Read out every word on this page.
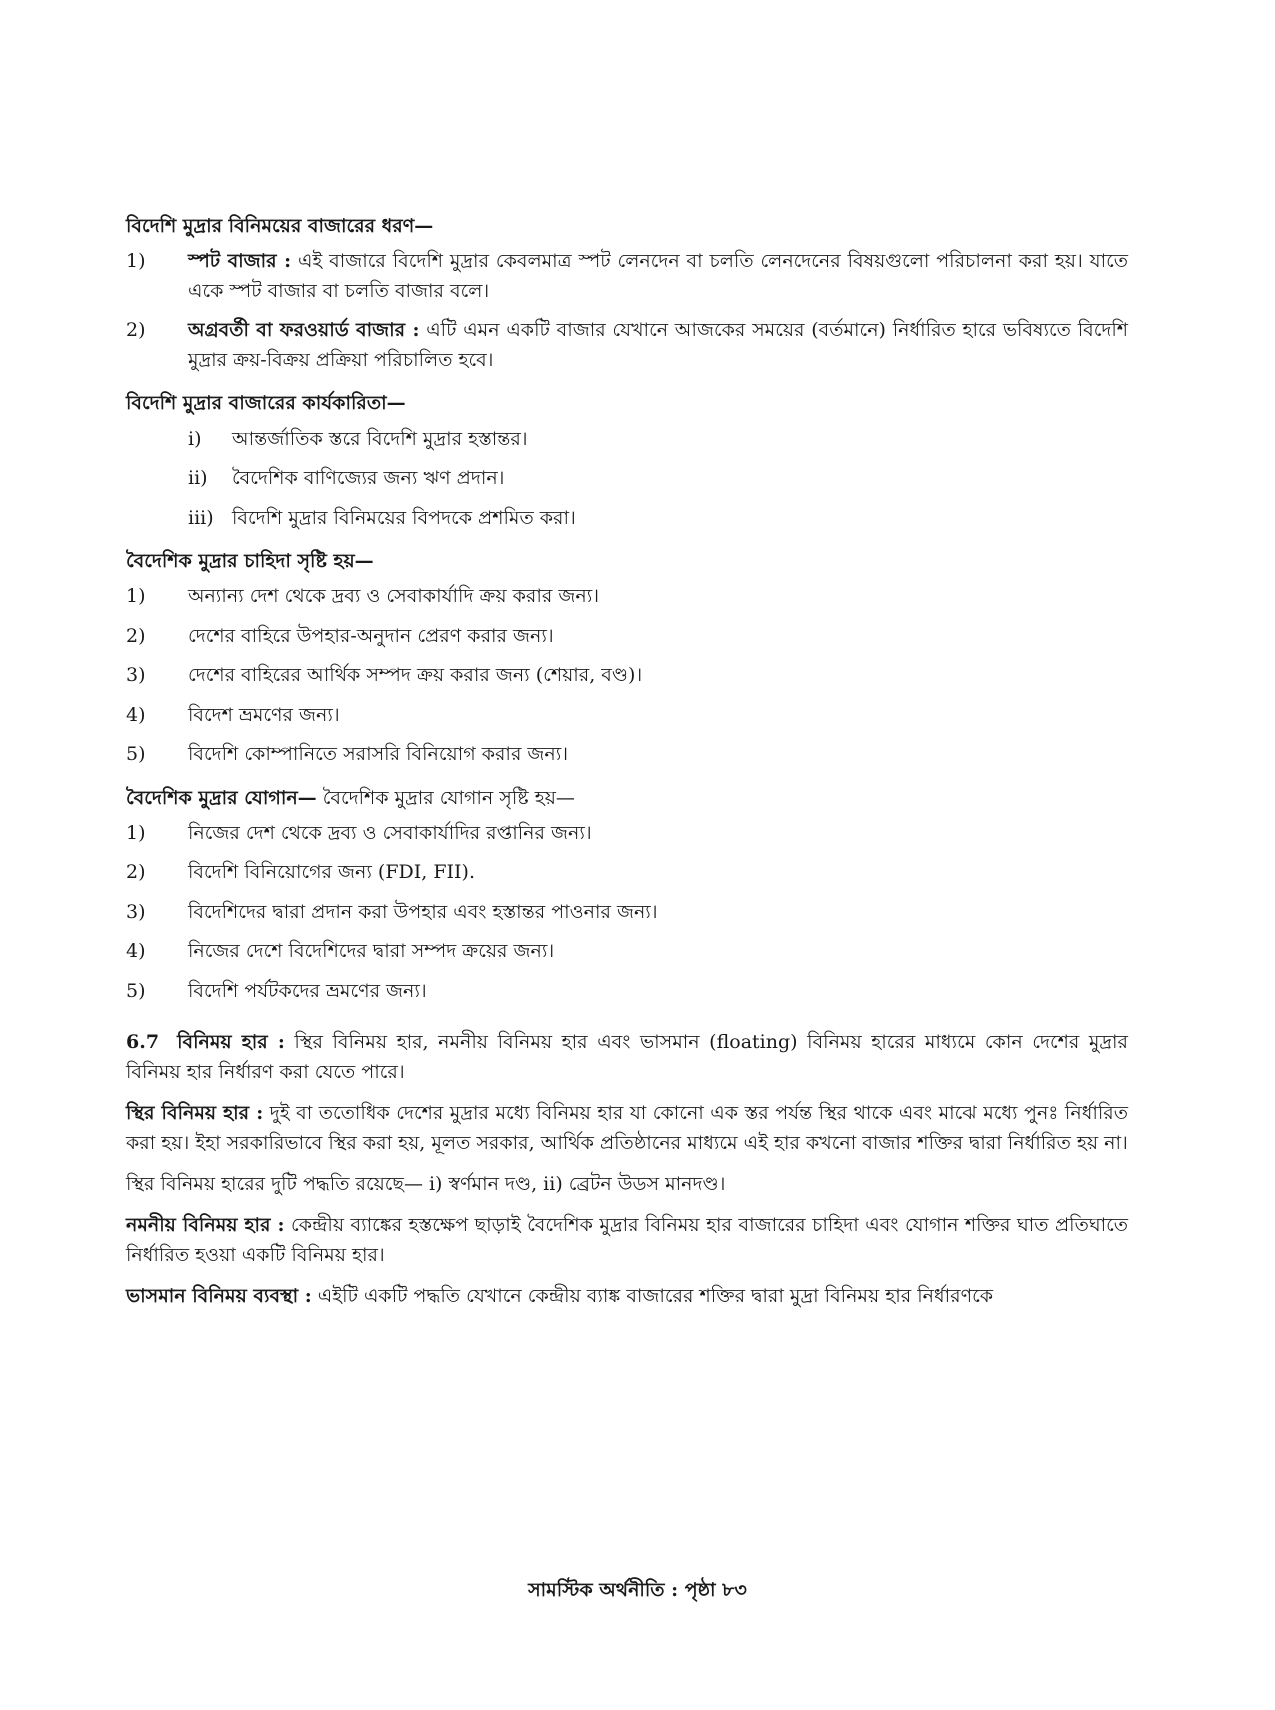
বিদেশি মুদ্রার বিনিময়ের বাজারের ধরণ—
1)	স্পট বাজার : এই বাজারে বিদেশি মুদ্রার কেবলমাত্র স্পট লেনদেন বা চলতি লেনদেনের বিষয়গুলো পরিচালনা করা হয়। যাতে একে স্পট বাজার বা চলতি বাজার বলে।
2)	অগ্রবর্তী বা ফরওয়ার্ড বাজার : এটি এমন একটি বাজার যেখানে আজকের সময়ের (বর্তমানে) নির্ধারিত হারে ভবিষ্যতে বিদেশি মুদ্রার ক্রয়-বিক্রয় প্রক্রিয়া পরিচালিত হবে।
বিদেশি মুদ্রার বাজারের কার্যকারিতা—
i)	আন্তর্জাতিক স্তরে বিদেশি মুদ্রার হস্তান্তর।
ii)	বৈদেশিক বাণিজ্যের জন্য ঋণ প্রদান।
iii) বিদেশি মুদ্রার বিনিময়ের বিপদকে প্রশমিত করা।
বৈদেশিক মুদ্রার চাহিদা সৃষ্টি হয়—
1)	অন্যান্য দেশ থেকে দ্রব্য ও সেবাকার্যাদি ক্রয় করার জন্য।
2)	দেশের বাহিরে উপহার-অনুদান প্রেরণ করার জন্য।
3)	দেশের বাহিরের আর্থিক সম্পদ ক্রয় করার জন্য (শেয়ার, বণ্ড)।
4)	বিদেশ ভ্রমণের জন্য।
5)	বিদেশি কোম্পানিতে সরাসরি বিনিয়োগ করার জন্য।
বৈদেশিক মুদ্রার যোগান— বৈদেশিক মুদ্রার যোগান সৃষ্টি হয়—
1)	নিজের দেশ থেকে দ্রব্য ও সেবাকার্যাদির রপ্তানির জন্য।
2)	বিদেশি বিনিয়োগের জন্য (FDI, FII).
3)	বিদেশিদের দ্বারা প্রদান করা উপহার এবং হস্তান্তর পাওনার জন্য।
4)	নিজের দেশে বিদেশিদের দ্বারা সম্পদ ক্রয়ের জন্য।
5)	বিদেশি পর্যটকদের ভ্রমণের জন্য।
6.7 বিনিময় হার : স্থির বিনিময় হার, নমনীয় বিনিময় হার এবং ভাসমান (floating) বিনিময় হারের মাধ্যমে কোন দেশের মুদ্রার বিনিময় হার নির্ধারণ করা যেতে পারে।
স্থির বিনিময় হার : দুই বা ততোধিক দেশের মুদ্রার মধ্যে বিনিময় হার যা কোনো এক স্তর পর্যন্ত স্থির থাকে এবং মাঝে মধ্যে পুনঃ নির্ধারিত করা হয়। ইহা সরকারিভাবে স্থির করা হয়, মূলত সরকার, আর্থিক প্রতিষ্ঠানের মাধ্যমে এই হার কখনো বাজার শক্তির দ্বারা নির্ধারিত হয় না।
স্থির বিনিময় হারের দুটি পদ্ধতি রয়েছে— i) স্বর্ণমান দণ্ড, ii) ব্রেটন উডস মানদণ্ড।
নমনীয় বিনিময় হার : কেন্দ্রীয় ব্যাঙ্কের হস্তক্ষেপ ছাড়াই বৈদেশিক মুদ্রার বিনিময় হার বাজারের চাহিদা এবং যোগান শক্তির ঘাত প্রতিঘাতে নির্ধারিত হওয়া একটি বিনিময় হার।
ভাসমান বিনিময় ব্যবস্থা : এইটি একটি পদ্ধতি যেখানে কেন্দ্রীয় ব্যাঙ্ক বাজারের শক্তির দ্বারা মুদ্রা বিনিময় হার নির্ধারণকে
সামস্টিক অর্থনীতি : পৃষ্ঠা ৮৩
